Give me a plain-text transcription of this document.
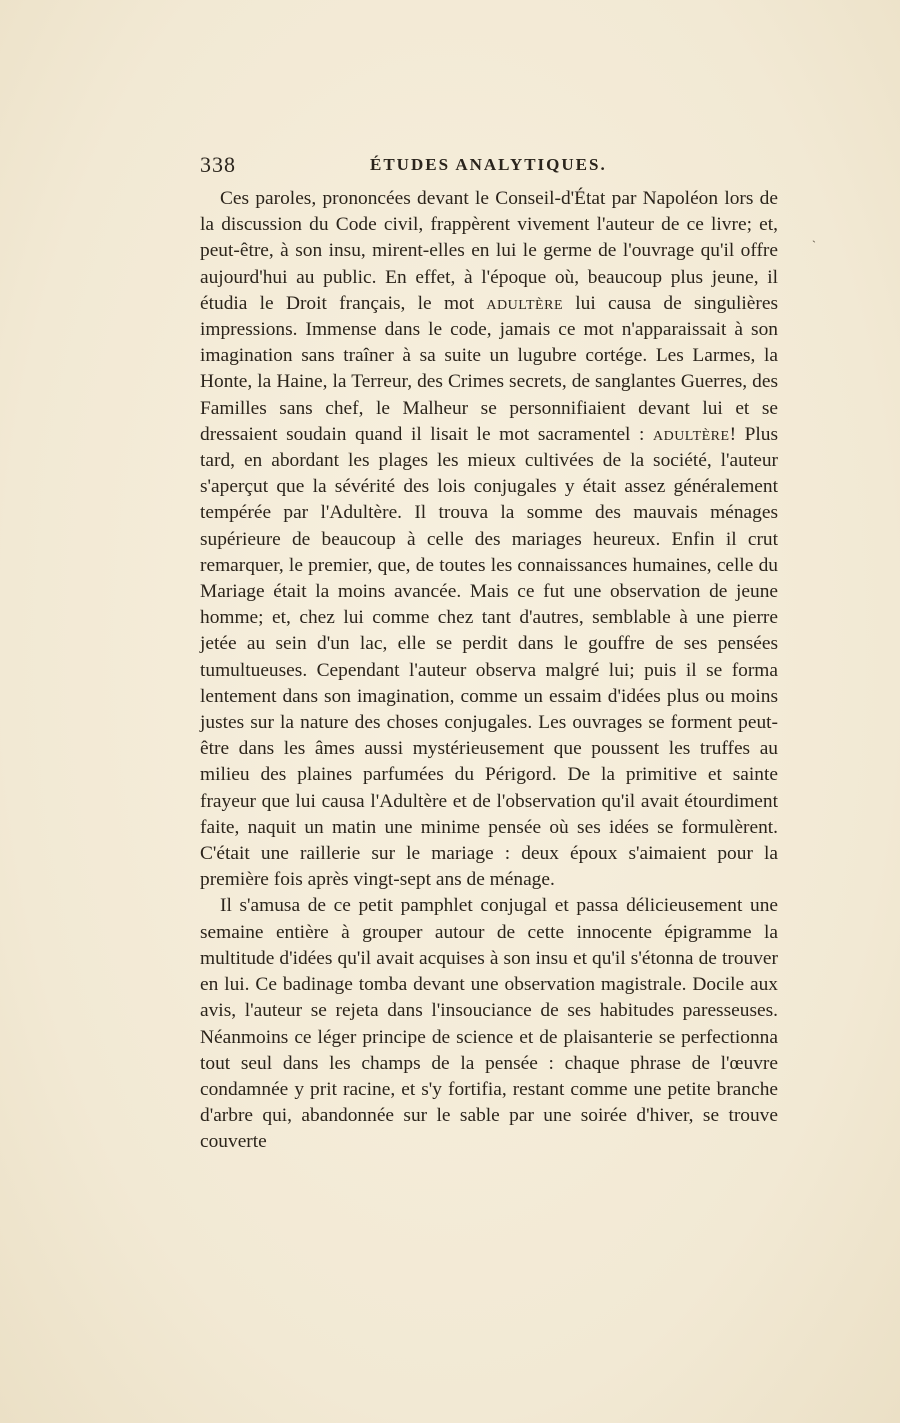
338	ÉTUDES ANALYTIQUES.
ˎ

Ces paroles, prononcées devant le Conseil-d'État par Napoléon lors de la discussion du Code civil, frappèrent vivement l'auteur de ce livre; et, peut-être, à son insu, mirent-elles en lui le germe de l'ouvrage qu'il offre aujourd'hui au public. En effet, à l'époque où, beaucoup plus jeune, il étudia le Droit français, le mot adultère lui causa de singulières impressions. Immense dans le code, jamais ce mot n'apparaissait à son imagination sans traîner à sa suite un lugubre cortége. Les Larmes, la Honte, la Haine, la Terreur, des Crimes secrets, de sanglantes Guerres, des Familles sans chef, le Malheur se personnifiaient devant lui et se dressaient soudain quand il lisait le mot sacramentel : adultère! Plus tard, en abordant les plages les mieux cultivées de la société, l'auteur s'aperçut que la sévérité des lois conjugales y était assez généralement tempérée par l'Adultère. Il trouva la somme des mauvais ménages supérieure de beaucoup à celle des mariages heureux. Enfin il crut remarquer, le premier, que, de toutes les connaissances humaines, celle du Mariage était la moins avancée. Mais ce fut une observation de jeune homme; et, chez lui comme chez tant d'autres, semblable à une pierre jetée au sein d'un lac, elle se perdit dans le gouffre de ses pensées tumultueuses. Cependant l'auteur observa malgré lui; puis il se forma lentement dans son imagination, comme un essaim d'idées plus ou moins justes sur la nature des choses conjugales. Les ouvrages se forment peut-être dans les âmes aussi mystérieusement que poussent les truffes au milieu des plaines parfumées du Périgord. De la primitive et sainte frayeur que lui causa l'Adultère et de l'observation qu'il avait étourdiment faite, naquit un matin une minime pensée où ses idées se formulèrent. C'était une raillerie sur le mariage : deux époux s'aimaient pour la première fois après vingt-sept ans de ménage.

Il s'amusa de ce petit pamphlet conjugal et passa délicieusement une semaine entière à grouper autour de cette innocente épigramme la multitude d'idées qu'il avait acquises à son insu et qu'il s'étonna de trouver en lui. Ce badinage tomba devant une observation magistrale. Docile aux avis, l'auteur se rejeta dans l'insouciance de ses habitudes paresseuses. Néanmoins ce léger principe de science et de plaisanterie se perfectionna tout seul dans les champs de la pensée : chaque phrase de l'œuvre condamnée y prit racine, et s'y fortifia, restant comme une petite branche d'arbre qui, abandonnée sur le sable par une soirée d'hiver, se trouve couverte
